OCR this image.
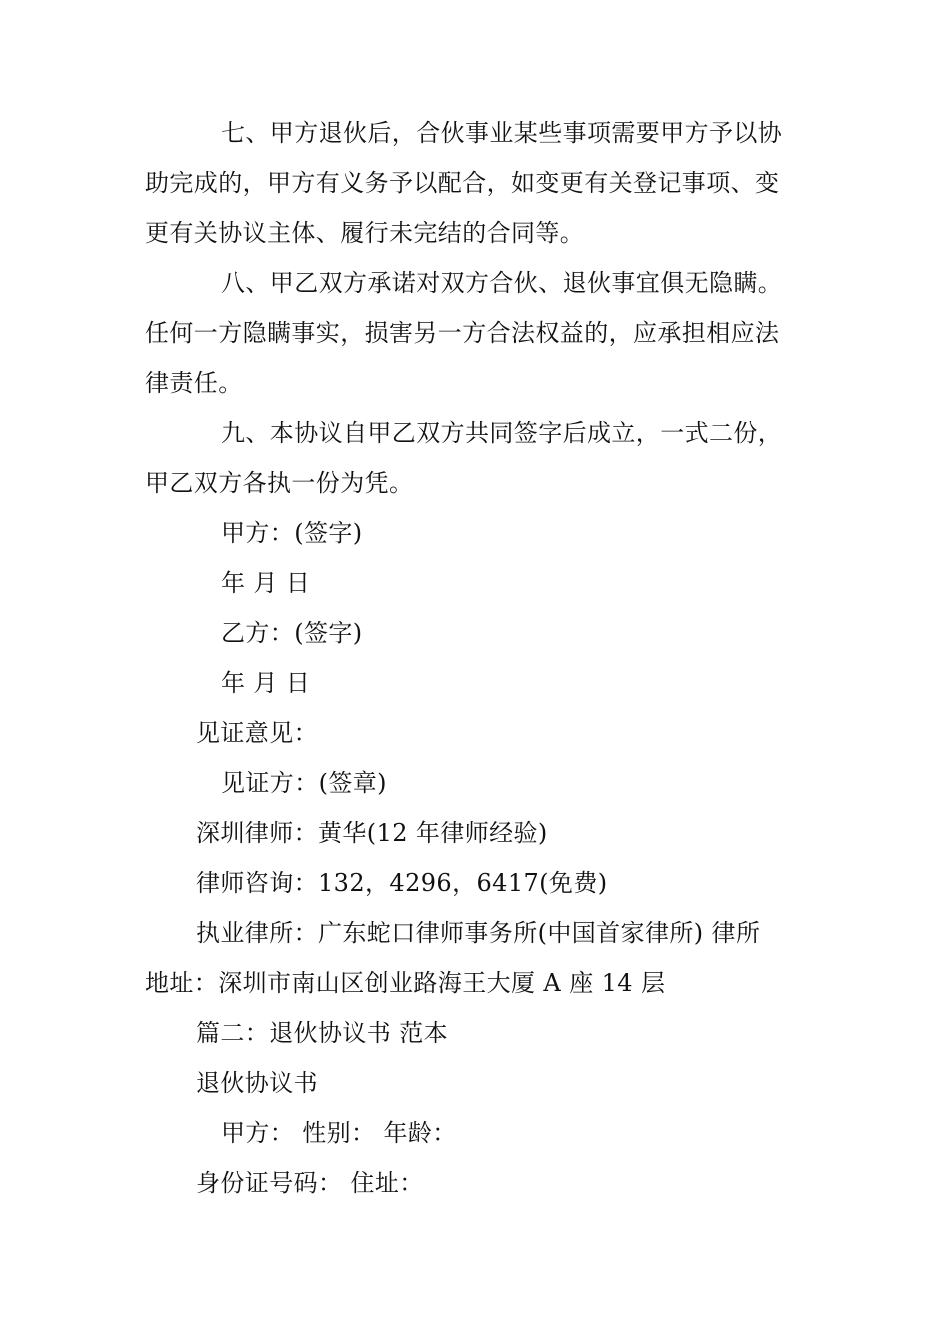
七、甲方退伙后，合伙事业某些事项需要甲方予以协
助完成的，甲方有义务予以配合，如变更有关登记事项、变
更有关协议主体、履行未完结的合同等。
八、甲乙双方承诺对双方合伙、退伙事宜俱无隐瞒。
任何一方隐瞒事实，损害另一方合法权益的，应承担相应法
律责任。
九、本协议自甲乙双方共同签字后成立，一式二份，
甲乙双方各执一份为凭。
甲方：(签字)
年 月 日
乙方：(签字)
年 月 日
见证意见：
见证方：(签章)
深圳律师：黄华(12 年律师经验)
律师咨询：132，4296，6417(免费)
执业律所：广东蛇口律师事务所(中国首家律所) 律所
地址：深圳市南山区创业路海王大厦 A 座 14 层
篇二：退伙协议书 范本
退伙协议书
甲方： 性别： 年龄：
身份证号码： 住址：
